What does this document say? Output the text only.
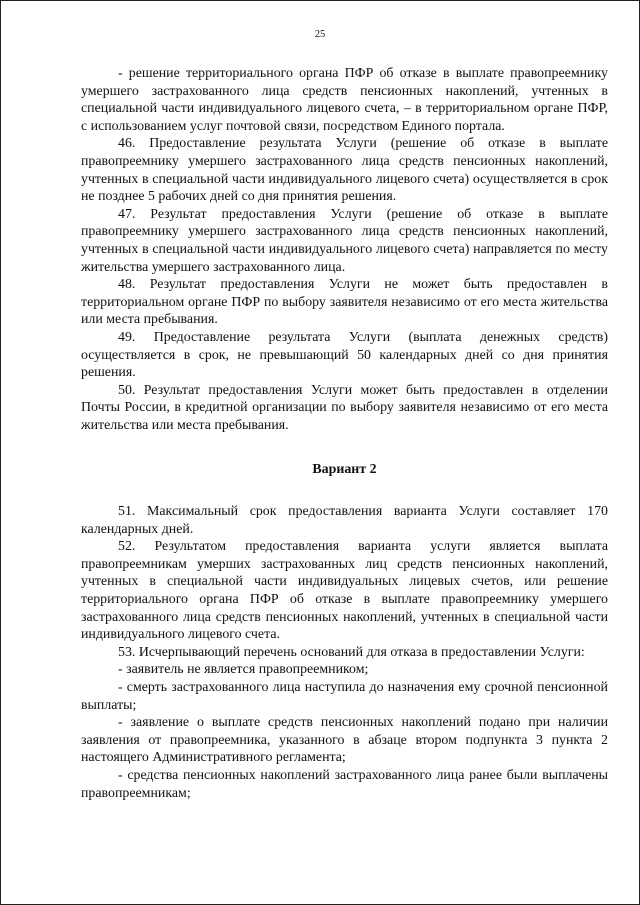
25

- решение территориального органа ПФР об отказе в выплате правопреемнику умершего застрахованного лица средств пенсионных накоплений, учтенных в специальной части индивидуального лицевого счета, – в территориальном органе ПФР, с использованием услуг почтовой связи, посредством Единого портала.

46. Предоставление результата Услуги (решение об отказе в выплате правопреемнику умершего застрахованного лица средств пенсионных накоплений, учтенных в специальной части индивидуального лицевого счета) осуществляется в срок не позднее 5 рабочих дней со дня принятия решения.

47. Результат предоставления Услуги (решение об отказе в выплате правопреемнику умершего застрахованного лица средств пенсионных накоплений, учтенных в специальной части индивидуального лицевого счета) направляется по месту жительства умершего застрахованного лица.

48. Результат предоставления Услуги не может быть предоставлен в территориальном органе ПФР по выбору заявителя независимо от его места жительства или места пребывания.

49. Предоставление результата Услуги (выплата денежных средств) осуществляется в срок, не превышающий 50 календарных дней со дня принятия решения.

50. Результат предоставления Услуги может быть предоставлен в отделении Почты России, в кредитной организации по выбору заявителя независимо от его места жительства или места пребывания.

Вариант 2

51. Максимальный срок предоставления варианта Услуги составляет 170 календарных дней.

52. Результатом предоставления варианта услуги является выплата правопреемникам умерших застрахованных лиц средств пенсионных накоплений, учтенных в специальной части индивидуальных лицевых счетов, или решение территориального органа ПФР об отказе в выплате правопреемнику умершего застрахованного лица средств пенсионных накоплений, учтенных в специальной части индивидуального лицевого счета.

53. Исчерпывающий перечень оснований для отказа в предоставлении Услуги:

- заявитель не является правопреемником;

- смерть застрахованного лица наступила до назначения ему срочной пенсионной выплаты;

- заявление о выплате средств пенсионных накоплений подано при наличии заявления от правопреемника, указанного в абзаце втором подпункта 3 пункта 2 настоящего Административного регламента;

- средства пенсионных накоплений застрахованного лица ранее были выплачены правопреемникам;
